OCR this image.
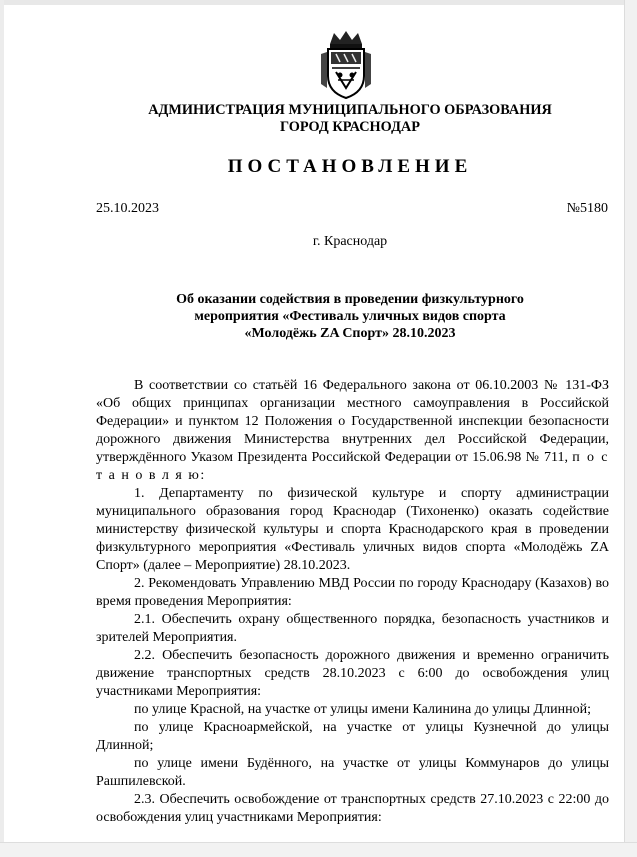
АДМИНИСТРАЦИЯ МУНИЦИПАЛЬНОГО ОБРАЗОВАНИЯ
ГОРОД КРАСНОДАР
ПОСТАНОВЛЕНИЕ
25.10.2023	№5180
г. Краснодар
Об оказании содействия в проведении физкультурного
мероприятия «Фестиваль уличных видов спорта
«Молодёжь ZA Спорт» 28.10.2023

В соответствии со статьёй 16 Федерального закона от 06.10.2003 № 131-ФЗ «Об общих принципах организации местного самоуправления в Российской Федерации» и пунктом 12 Положения о Государственной инспекции безопасности дорожного движения Министерства внутренних дел Российской Федерации, утверждённого Указом Президента Российской Федерации от 15.06.98 № 711, п о с т а н о в л я ю:

1. Департаменту по физической культуре и спорту администрации муниципального образования город Краснодар (Тихоненко) оказать содействие министерству физической культуры и спорта Краснодарского края в проведении физкультурного мероприятия «Фестиваль уличных видов спорта «Молодёжь ZA Спорт» (далее – Мероприятие) 28.10.2023.

2. Рекомендовать Управлению МВД России по городу Краснодару (Казахов) во время проведения Мероприятия:

2.1. Обеспечить охрану общественного порядка, безопасность участников и зрителей Мероприятия.

2.2. Обеспечить безопасность дорожного движения и временно ограничить движение транспортных средств 28.10.2023 с 6:00 до освобождения улиц участниками Мероприятия:

по улице Красной, на участке от улицы имени Калинина до улицы Длинной;

по улице Красноармейской, на участке от улицы Кузнечной до улицы Длинной;

по улице имени Будённого, на участке от улицы Коммунаров до улицы Рашпилевской.

2.3. Обеспечить освобождение от транспортных средств 27.10.2023 с 22:00 до освобождения улиц участниками Мероприятия:
